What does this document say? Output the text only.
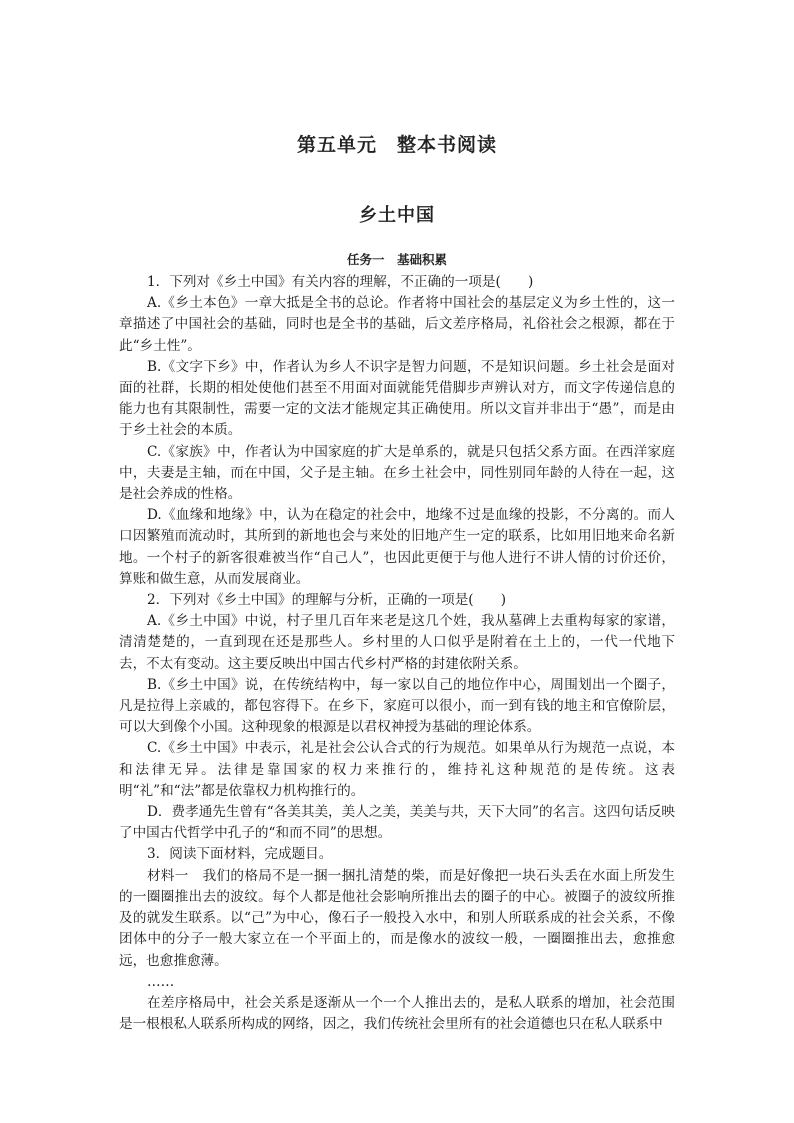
第五单元　整本书阅读
乡土中国
任务一　基础积累

1．下列对《乡土中国》有关内容的理解，不正确的一项是(　　)

A.《乡土本色》一章大抵是全书的总论。作者将中国社会的基层定义为乡土性的，这一章描述了中国社会的基础，同时也是全书的基础，后文差序格局，礼俗社会之根源，都在于此“乡土性”。

B.《文字下乡》中，作者认为乡人不识字是智力问题，不是知识问题。乡土社会是面对面的社群，长期的相处使他们甚至不用面对面就能凭借脚步声辨认对方，而文字传递信息的能力也有其限制性，需要一定的文法才能规定其正确使用。所以文盲并非出于“愚”，而是由于乡土社会的本质。

C.《家族》中，作者认为中国家庭的扩大是单系的，就是只包括父系方面。在西洋家庭中，夫妻是主轴，而在中国，父子是主轴。在乡土社会中，同性别同年龄的人待在一起，这是社会养成的性格。

D.《血缘和地缘》中，认为在稳定的社会中，地缘不过是血缘的投影，不分离的。而人口因繁殖而流动时，其所到的新地也会与来处的旧地产生一定的联系，比如用旧地来命名新地。一个村子的新客很难被当作“自己人”，也因此更便于与他人进行不讲人情的讨价还价，算账和做生意，从而发展商业。

2．下列对《乡土中国》的理解与分析，正确的一项是(　　)

A.《乡土中国》中说，村子里几百年来老是这几个姓，我从墓碑上去重构每家的家谱，清清楚楚的，一直到现在还是那些人。乡村里的人口似乎是附着在土上的，一代一代地下去，不太有变动。这主要反映出中国古代乡村严格的封建依附关系。

B.《乡土中国》说，在传统结构中，每一家以自己的地位作中心，周围划出一个圈子，凡是拉得上亲戚的，都包容得下。在乡下，家庭可以很小，而一到有钱的地主和官僚阶层，可以大到像个小国。这种现象的根源是以君权神授为基础的理论体系。

C.《乡土中国》中表示，礼是社会公认合式的行为规范。如果单从行为规范一点说，本和法律无异。法律是靠国家的权力来推行的，维持礼这种规范的是传统。这表明“礼”和“法”都是依靠权力机构推行的。

D．费孝通先生曾有“各美其美，美人之美，美美与共，天下大同”的名言。这四句话反映了中国古代哲学中孔子的“和而不同”的思想。

3．阅读下面材料，完成题目。

材料一　我们的格局不是一捆一捆扎清楚的柴，而是好像把一块石头丢在水面上所发生的一圈圈推出去的波纹。每个人都是他社会影响所推出去的圈子的中心。被圈子的波纹所推及的就发生联系。以“己”为中心，像石子一般投入水中，和别人所联系成的社会关系，不像团体中的分子一般大家立在一个平面上的，而是像水的波纹一般，一圈圈推出去，愈推愈远，也愈推愈薄。

……

在差序格局中，社会关系是逐渐从一个一个人推出去的，是私人联系的增加，社会范围是一根根私人联系所构成的网络，因之，我们传统社会里所有的社会道德也只在私人联系中
